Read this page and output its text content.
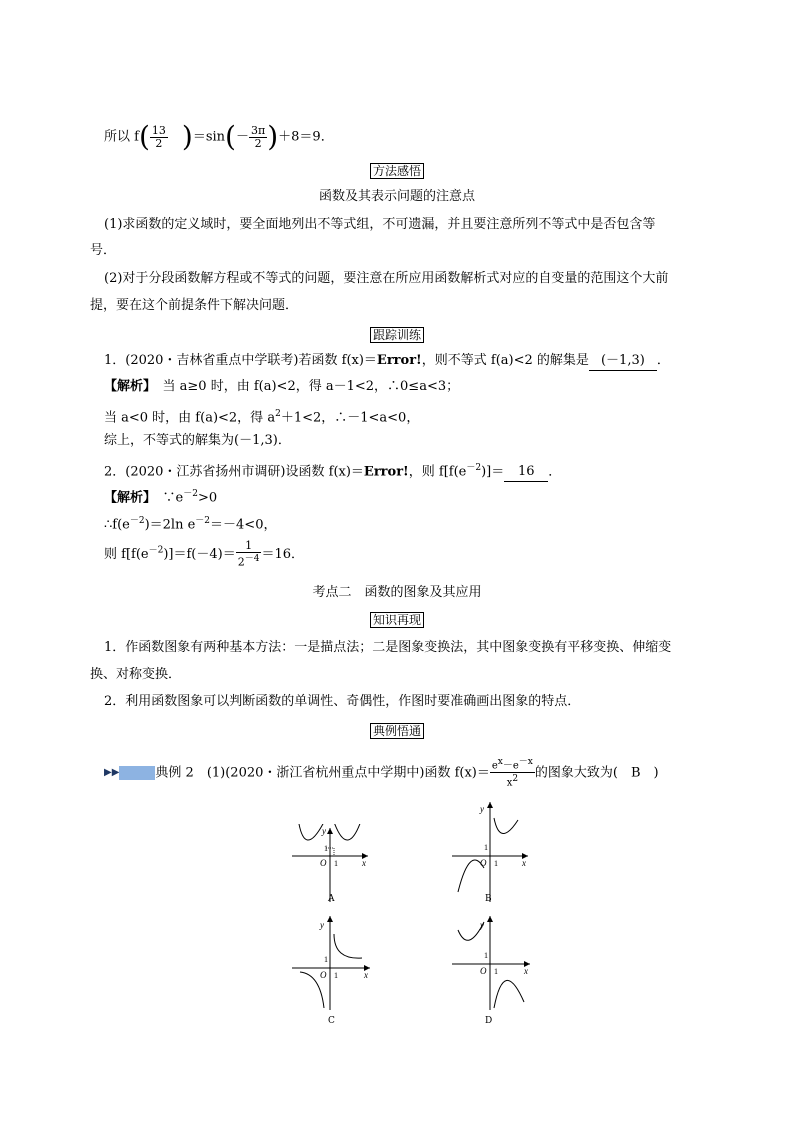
所以 $f( \frac{13}{2} )=\sin(- \frac{3\pi}{2} )+8=9$．
方法感悟
函数及其表示问题的注意点
(1)求函数的定义域时，要全面地列出不等式组，不可遗漏，并且要注意所列不等式中是否包含等
号．
(2)对于分段函数解方程或不等式的问题，要注意在所应用函数解析式对应的自变量的范围这个大前
提，要在这个前提条件下解决问题．
跟踪训练
1．(2020・吉林省重点中学联考)若函数 f(x)＝Error!，则不等式 f(a)<2 的解集是 (－1,3) ．
【解析】　 当 a≥0 时，由 f(a)<2，得 a－1<2，∴0≤a<3；
当 a<0 时，由 f(a)<2，得 $a^2+1<2$，∴－1<a<0，
综上，不等式的解集为(－1,3)．
2．(2020・江苏省扬州市调研)设函数 f(x)＝Error!，则 $f[f(e^{-2})]= 16$ ．
【解析】　 $\because e^{-2}>0$
$\therefore f(e^{-2})=2\ln$ $e^{-2}=-4<0$，
则 $f[f(e^{-2})]=f(-4)= \frac{1}{2^{-4}} =16$．
考点二　函数的图象及其应用
知识再现
1．作函数图象有两种基本方法：一是描点法；二是图象变换法，其中图象变换有平移变换、伸缩变
换、对称变换．
2．利用函数图象可以判断函数的单调性、奇偶性，作图时要准确画出图象的特点．
典例悟通
▶▶	典例 2　 (1)(2020・浙江省杭州重点中学期中)函数 $f(x)= \frac{ex-e-x}{x2}$ 的图象大致为(　 B　 )
y
x
O
1
1
A
y
x
O
1
1
B
y
x
O
1
1
C
y
x
O
1
1
D
